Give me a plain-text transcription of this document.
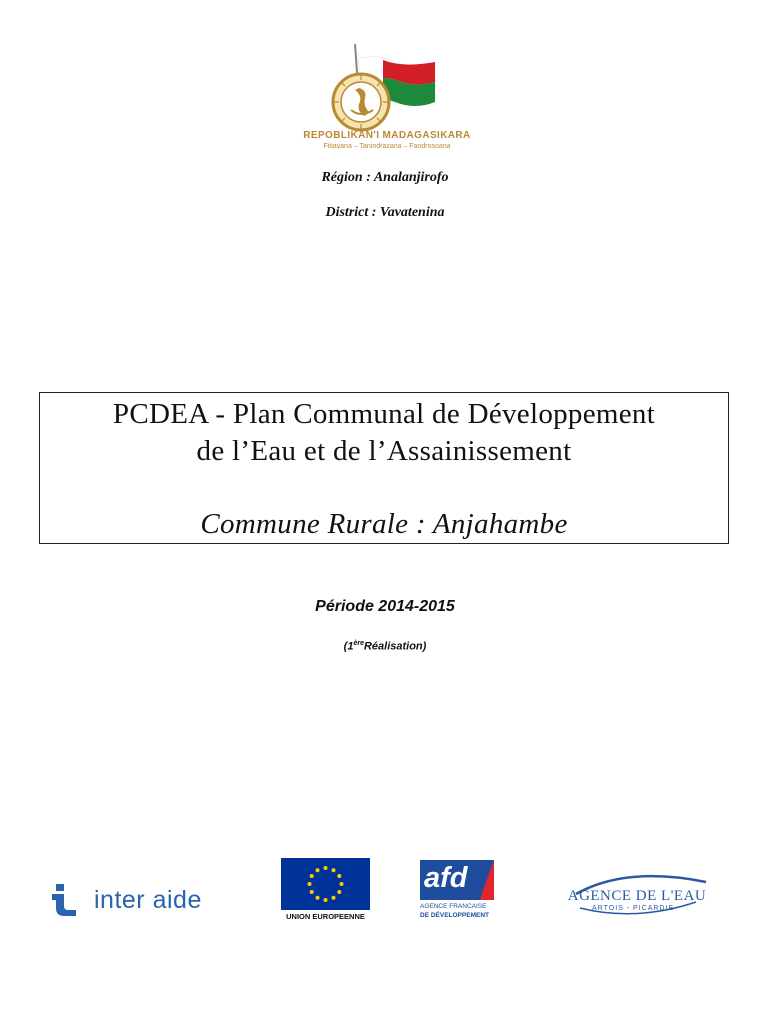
REPOBLIKAN'I MADAGASIKARA
Fitiavana – Tanindrazana – Fandrosoana
Région : Analanjirofo
District : Vavatenina
PCDEA - Plan Communal de Développement
de l’Eau et de l’Assainissement
Commune Rurale : Anjahambe
Période 2014-2015
(1èreRéalisation)
inter aide
UNION EUROPEENNE
afd
AGENCE FRANCAISE
DE DÉVELOPPEMENT
AGENCE DE L'EAU
ARTOIS - PICARDIE
